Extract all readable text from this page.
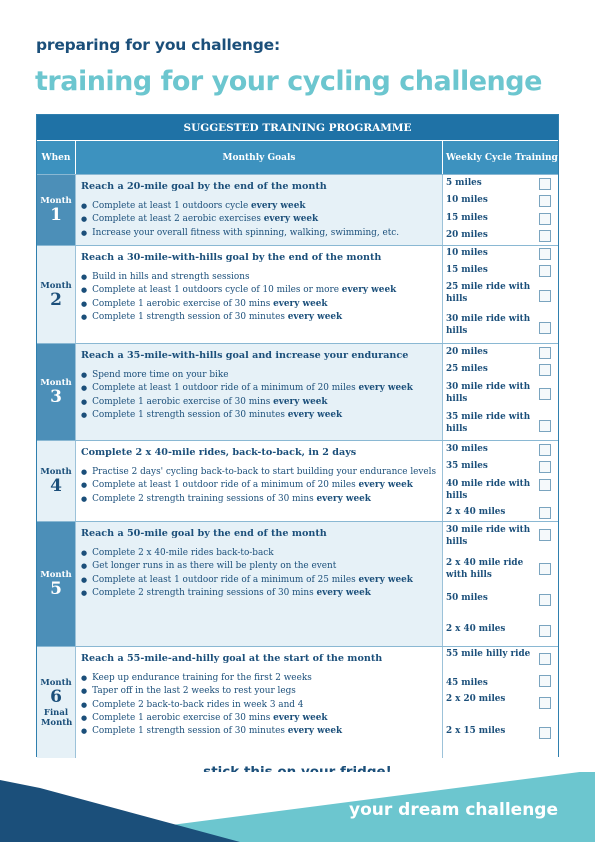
preparing for you challenge:
training for your cycling challenge
SUGGESTED TRAINING PROGRAMME
When	Monthly Goals	Weekly Cycle Training
Month
1
Reach a 20-mile goal by the end of the month
● Complete at least 1 outdoors cycle every week
● Complete at least 2 aerobic exercises every week
● Increase your overall fitness with spinning, walking, swimming, etc.
5 miles
10 miles
15 miles
20 miles
Month
2
Reach a 30-mile-with-hills goal by the end of the month
● Build in hills and strength sessions
● Complete at least 1 outdoors cycle of 10 miles or more every week
● Complete 1 aerobic exercise of 30 mins every week
● Complete 1 strength session of 30 minutes every week
10 miles
15 miles
25 mile ride with hills
30 mile ride with hills
Month
3
Reach a 35-mile-with-hills goal and increase your endurance
● Spend more time on your bike
● Complete at least 1 outdoor ride of a minimum of 20 miles every week
● Complete 1 aerobic exercise of 30 mins every week
● Complete 1 strength session of 30 minutes every week
20 miles
25 miles
30 mile ride with hills
35 mile ride with hills
Month
4
Complete 2 x 40-mile rides, back-to-back, in 2 days
● Practise 2 days' cycling back-to-back to start building your endurance levels
● Complete at least 1 outdoor ride of a minimum of 20 miles every week
● Complete 2 strength training sessions of 30 mins every week
30 miles
35 miles
40 mile ride with hills
2 x 40 miles
Month
5
Reach a 50-mile goal by the end of the month
● Complete 2 x 40-mile rides back-to-back
● Get longer runs in as there will be plenty on the event
● Complete at least 1 outdoor ride of a minimum of 25 miles every week
● Complete 2 strength training sessions of 30 mins every week
30 mile ride with hills
2 x 40 mile ride with hills
50 miles
2 x 40 miles
Month
6
Final Month
Reach a 55-mile-and-hilly goal at the start of the month
● Keep up endurance training for the first 2 weeks
● Taper off in the last 2 weeks to rest your legs
● Complete 2 back-to-back rides in week 3 and 4
● Complete 1 aerobic exercise of 30 mins every week
● Complete 1 strength session of 30 minutes every week
55 mile hilly ride
45 miles
2 x 20 miles
2 x 15 miles
your dream challenge
